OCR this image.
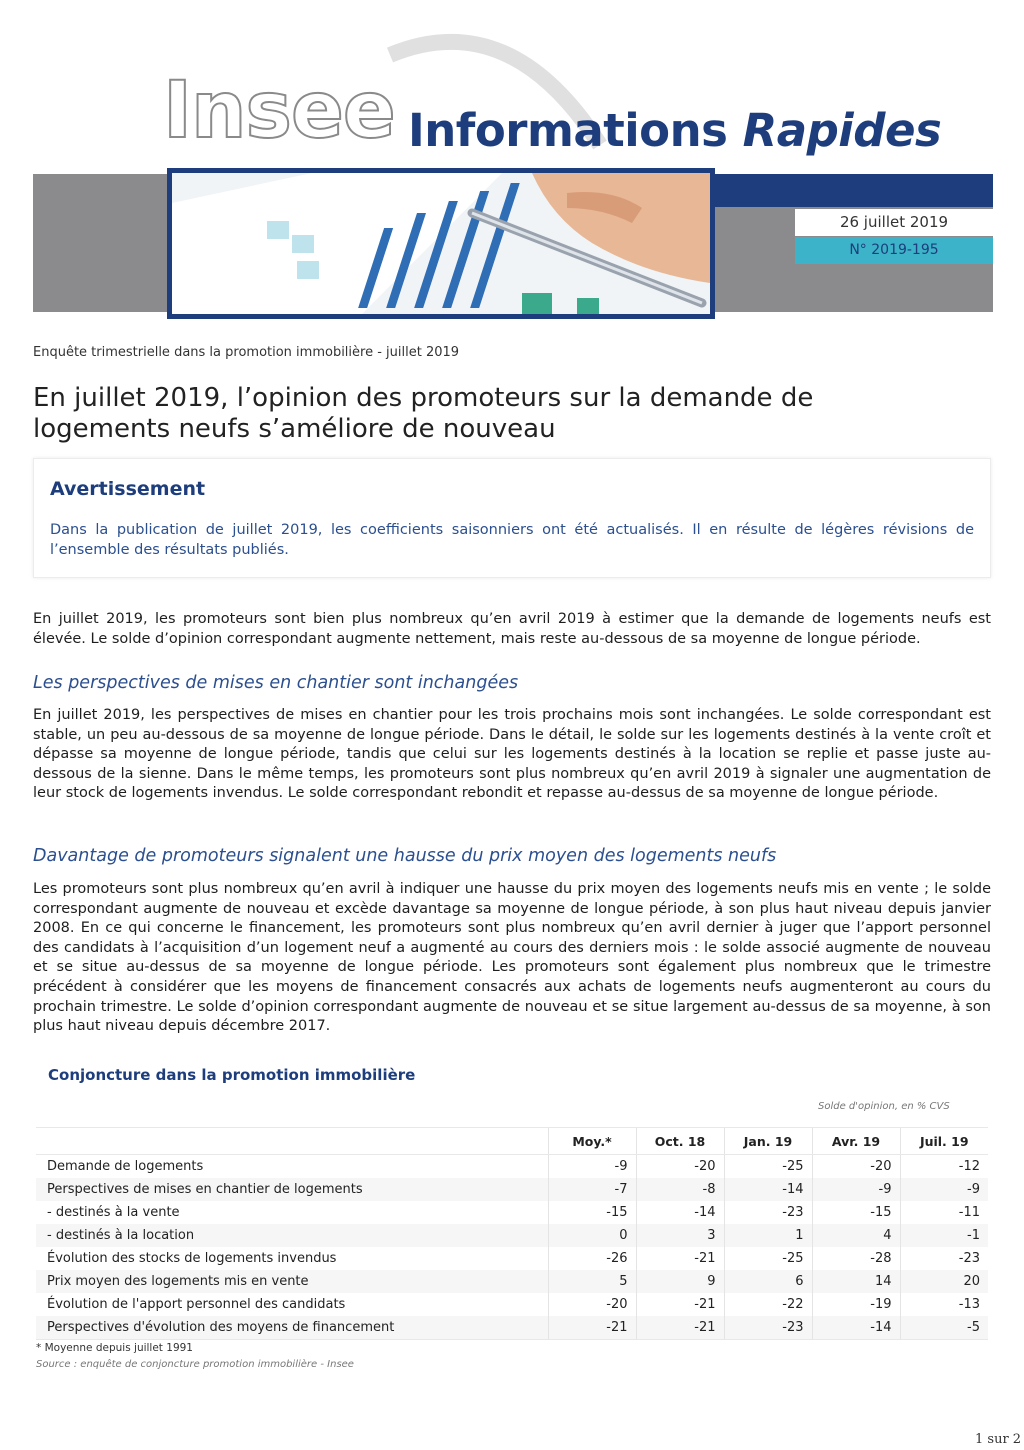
Insee Informations Rapides
26 juillet 2019
N° 2019-195
Enquête trimestrielle dans la promotion immobilière - juillet 2019
En juillet 2019, l’opinion des promoteurs sur la demande de logements neufs s’améliore de nouveau
Avertissement
Dans la publication de juillet 2019, les coefficients saisonniers ont été actualisés. Il en résulte de légères révisions de l’ensemble des résultats publiés.
En juillet 2019, les promoteurs sont bien plus nombreux qu’en avril 2019 à estimer que la demande de logements neufs est élevée. Le solde d’opinion correspondant augmente nettement, mais reste au-dessous de sa moyenne de longue période.
Les perspectives de mises en chantier sont inchangées
En juillet 2019, les perspectives de mises en chantier pour les trois prochains mois sont inchangées. Le solde correspondant est stable, un peu au-dessous de sa moyenne de longue période. Dans le détail, le solde sur les logements destinés à la vente croît et dépasse sa moyenne de longue période, tandis que celui sur les logements destinés à la location se replie et passe juste au-dessous de la sienne. Dans le même temps, les promoteurs sont plus nombreux qu’en avril 2019 à signaler une augmentation de leur stock de logements invendus. Le solde correspondant rebondit et repasse au-dessus de sa moyenne de longue période.
Davantage de promoteurs signalent une hausse du prix moyen des logements neufs
Les promoteurs sont plus nombreux qu’en avril à indiquer une hausse du prix moyen des logements neufs mis en vente ; le solde correspondant augmente de nouveau et excède davantage sa moyenne de longue période, à son plus haut niveau depuis janvier 2008. En ce qui concerne le financement, les promoteurs sont plus nombreux qu’en avril dernier à juger que l’apport personnel des candidats à l’acquisition d’un logement neuf a augmenté au cours des derniers mois : le solde associé augmente de nouveau et se situe au-dessus de sa moyenne de longue période. Les promoteurs sont également plus nombreux que le trimestre précédent à considérer que les moyens de financement consacrés aux achats de logements neufs augmenteront au cours du prochain trimestre. Le solde d’opinion correspondant augmente de nouveau et se situe largement au-dessus de sa moyenne, à son plus haut niveau depuis décembre 2017.
Conjoncture dans la promotion immobilière
Solde d'opinion, en % CVS
	Moy.*	Oct. 18	Jan. 19	Avr. 19	Juil. 19
Demande de logements	-9	-20	-25	-20	-12
Perspectives de mises en chantier de logements	-7	-8	-14	-9	-9
- destinés à la vente	-15	-14	-23	-15	-11
- destinés à la location	0	3	1	4	-1
Évolution des stocks de logements invendus	-26	-21	-25	-28	-23
Prix moyen des logements mis en vente	5	9	6	14	20
Évolution de l'apport personnel des candidats	-20	-21	-22	-19	-13
Perspectives d'évolution des moyens de financement	-21	-21	-23	-14	-5
* Moyenne depuis juillet 1991
Source : enquête de conjoncture promotion immobilière - Insee
1 sur 2
